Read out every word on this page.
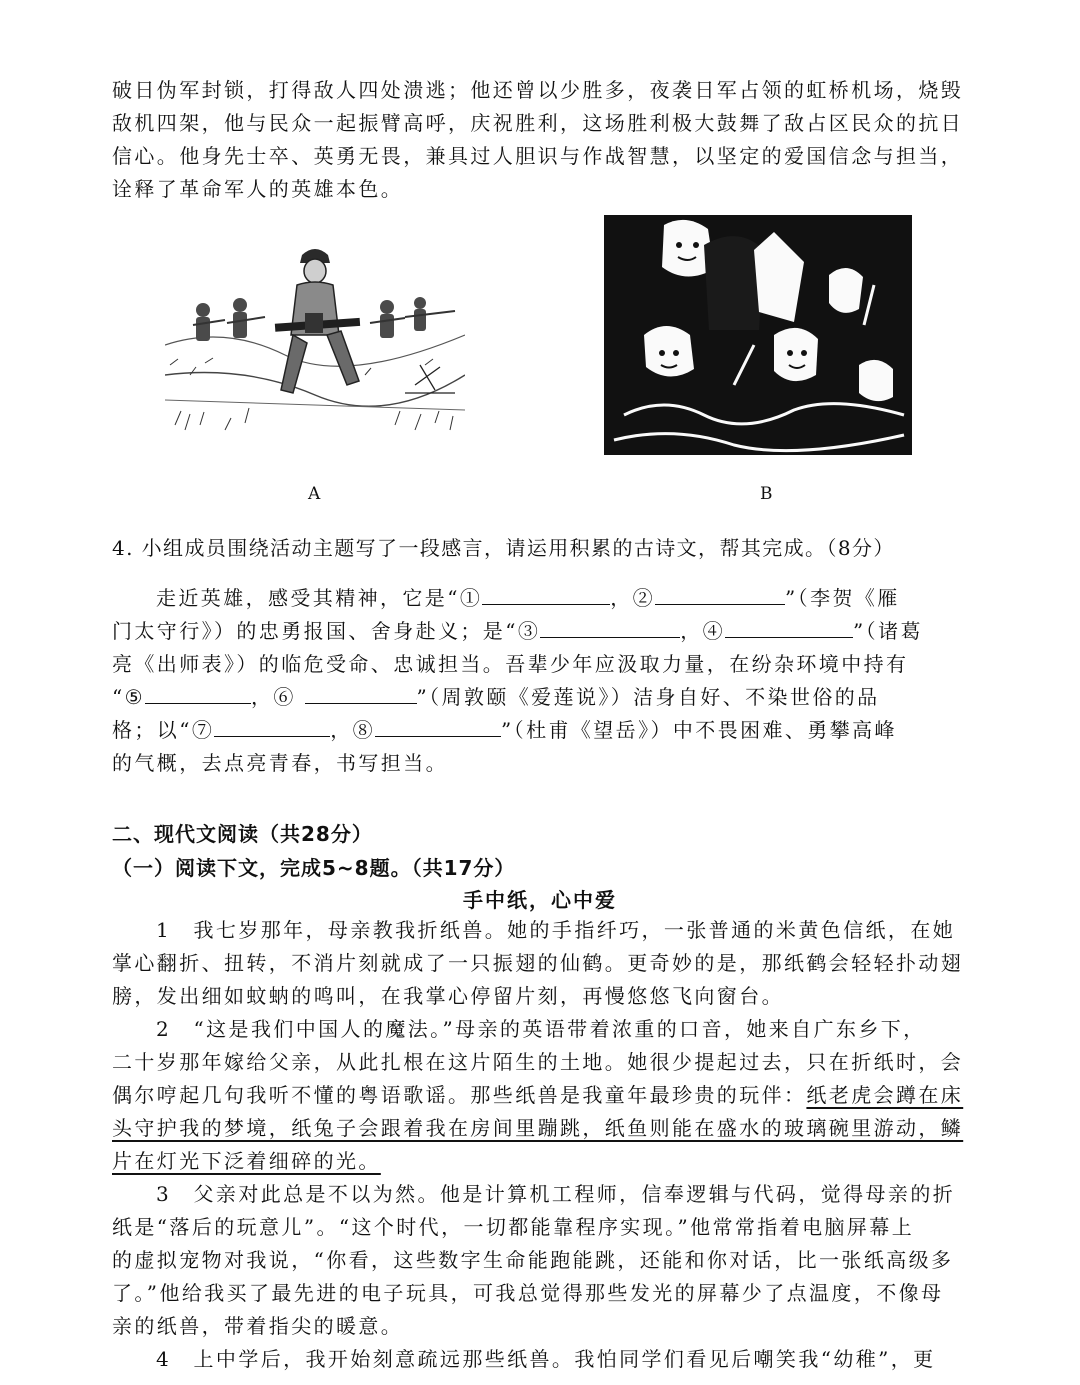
破日伪军封锁，打得敌人四处溃逃；他还曾以少胜多，夜袭日军占领的虹桥机场，烧毁
敌机四架，他与民众一起振臂高呼，庆祝胜利，这场胜利极大鼓舞了敌占区民众的抗日
信心。他身先士卒、英勇无畏，兼具过人胆识与作战智慧，以坚定的爱国信念与担当，
诠释了革命军人的英雄本色。
A	B
4. 小组成员围绕活动主题写了一段感言，请运用积累的古诗文，帮其完成。（8分）
走近英雄，感受其精神，它是“①	，②	”（李贺《雁
门太守行》）的忠勇报国、舍身赴义；是“③	，④	”（诸葛
亮《出师表》）的临危受命、忠诚担当。吾辈少年应汲取力量，在纷杂环境中持有
“⑤	，⑥	”（周敦颐《爱莲说》）洁身自好、不染世俗的品
格；以“⑦	，⑧	”（杜甫《望岳》）中不畏困难、勇攀高峰
的气概，去点亮青春，书写担当。
二、现代文阅读（共28分）
（一）阅读下文，完成5~8题。（共17分）
手中纸，心中爱
1　我七岁那年，母亲教我折纸兽。她的手指纤巧，一张普通的米黄色信纸，在她
掌心翻折、扭转，不消片刻就成了一只振翅的仙鹤。更奇妙的是，那纸鹤会轻轻扑动翅
膀，发出细如蚊蚋的鸣叫，在我掌心停留片刻，再慢悠悠飞向窗台。
2　“这是我们中国人的魔法。”母亲的英语带着浓重的口音，她来自广东乡下，
二十岁那年嫁给父亲，从此扎根在这片陌生的土地。她很少提起过去，只在折纸时，会
偶尔哼起几句我听不懂的粤语歌谣。那些纸兽是我童年最珍贵的玩伴：纸老虎会蹲在床
头守护我的梦境，纸兔子会跟着我在房间里蹦跳，纸鱼则能在盛水的玻璃碗里游动，鳞
片在灯光下泛着细碎的光。
3　父亲对此总是不以为然。他是计算机工程师，信奉逻辑与代码，觉得母亲的折
纸是“落后的玩意儿”。“这个时代，一切都能靠程序实现。”他常常指着电脑屏幕上
的虚拟宠物对我说，“你看，这些数字生命能跑能跳，还能和你对话，比一张纸高级多
了。”他给我买了最先进的电子玩具，可我总觉得那些发光的屏幕少了点温度，不像母
亲的纸兽，带着指尖的暖意。
4　上中学后，我开始刻意疏远那些纸兽。我怕同学们看见后嘲笑我“幼稚”，更
